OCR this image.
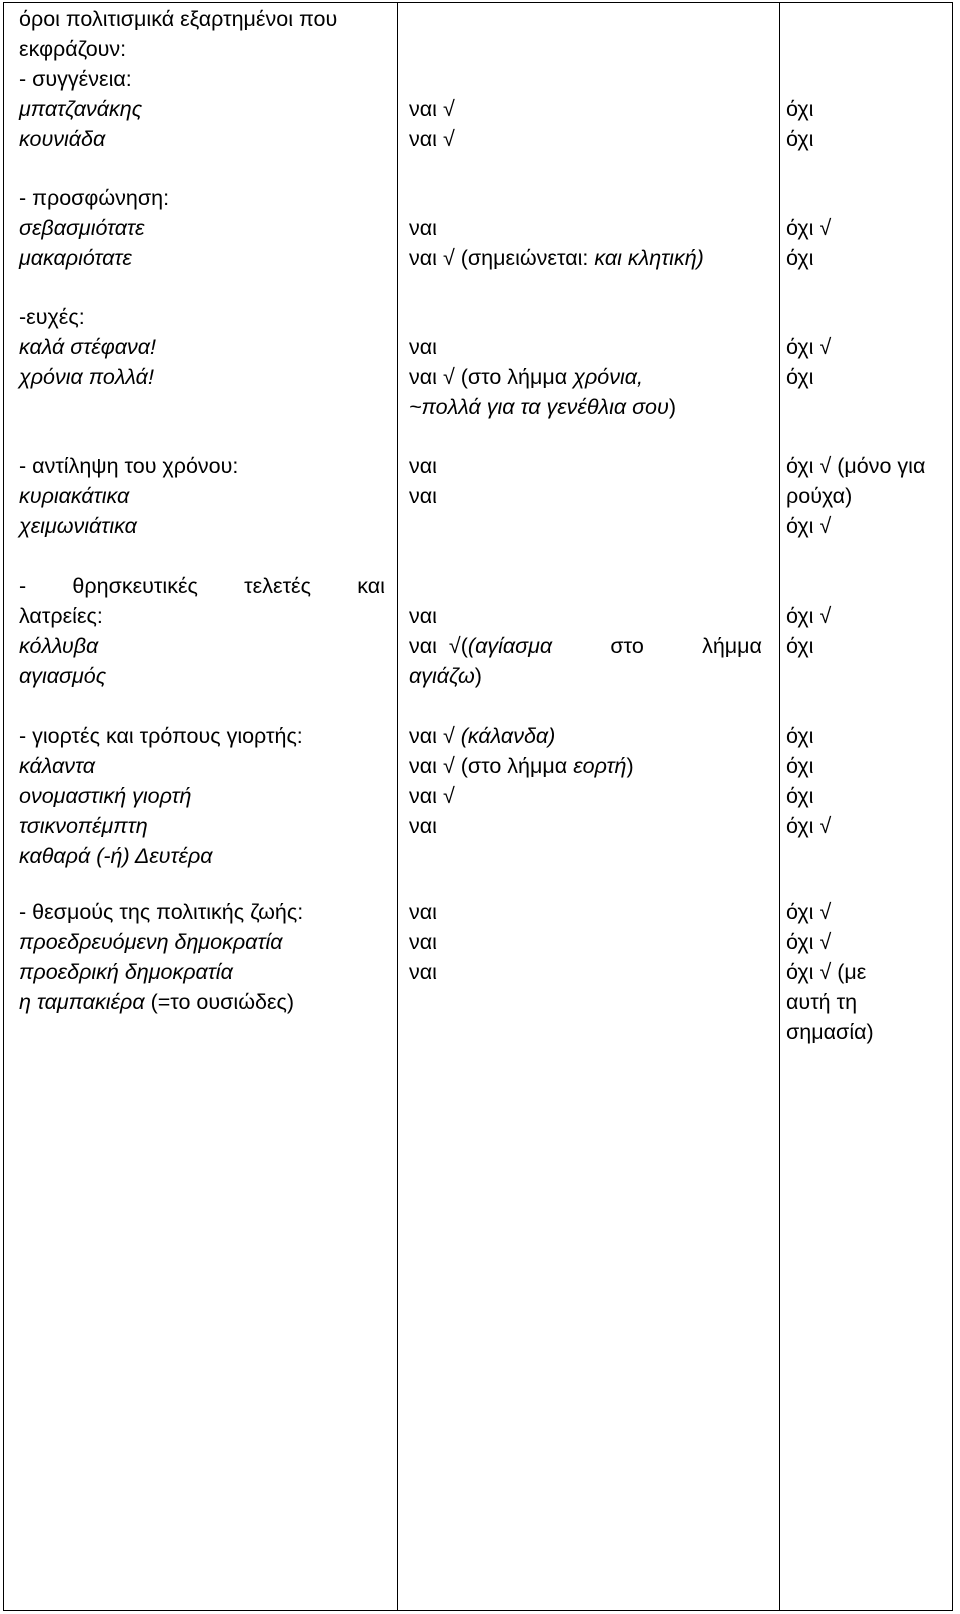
όροι πολιτισμικά εξαρτημένοι που
εκφράζουν:
- συγγένεια:
μπατζανάκης
κουνιάδα
- προσφώνηση:
σεβασμιότατε
μακαριότατε
-ευχές:
καλά στέφανα!
χρόνια πολλά!
- αντίληψη του χρόνου:
κυριακάτικα
χειμωνιάτικα
- θρησκευτικές τελετές και
λατρείες:
κόλλυβα
αγιασμός
- γιορτές και τρόπους γιορτής:
κάλαντα
ονομαστική γιορτή
τσικνοπέμπτη
καθαρά (-ή) Δευτέρα
- θεσμούς της πολιτικής ζωής:
προεδρευόμενη δημοκρατία
προεδρική δημοκρατία
η ταμπακιέρα (=το ουσιώδες)
ναι √
ναι √
ναι
ναι √ (σημειώνεται: και κλητική)
ναι
ναι √ (στο λήμμα χρόνια,
~πολλά για τα γενέθλια σου)
ναι
ναι
ναι
ναι √((αγίασμα	στο	λήμμα
αγιάζω)
ναι √ (κάλανδα)
ναι √ (στο λήμμα εορτή)
ναι √
ναι
ναι
ναι
ναι
όχι
όχι
όχι √
όχι
όχι √
όχι
όχι √ (μόνο για
ρούχα)
όχι √
όχι √
όχι
όχι
όχι
όχι
όχι √
όχι √
όχι √
όχι √ (με
αυτή τη
σημασία)
